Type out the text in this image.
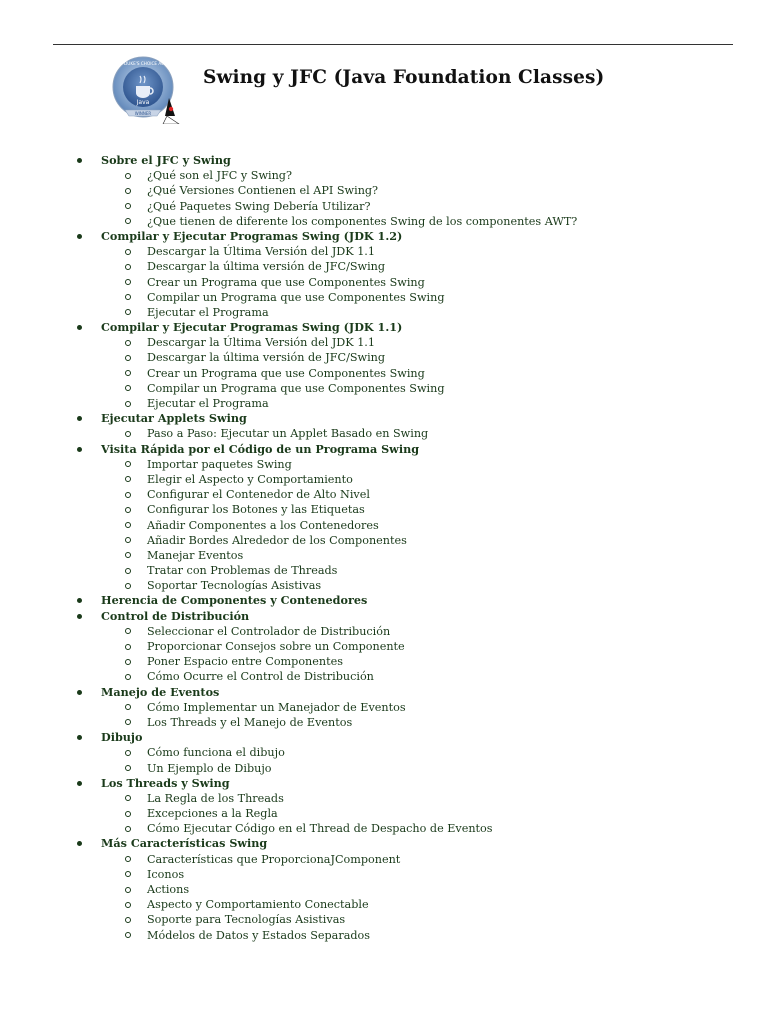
Java
2004 DUKE'S CHOICE AWARD
WINNER
Swing y JFC (Java Foundation Classes)
Sobre el JFC y Swing
¿Qué son el JFC y Swing?
¿Qué Versiones Contienen el API Swing?
¿Qué Paquetes Swing Debería Utilizar?
¿Que tienen de diferente los componentes Swing de los componentes AWT?
Compilar y Ejecutar Programas Swing (JDK 1.2)
Descargar la Última Versión del JDK 1.1
Descargar la última versión de JFC/Swing
Crear un Programa que use Componentes Swing
Compilar un Programa que use Componentes Swing
Ejecutar el Programa
Compilar y Ejecutar Programas Swing (JDK 1.1)
Descargar la Última Versión del JDK 1.1
Descargar la última versión de JFC/Swing
Crear un Programa que use Componentes Swing
Compilar un Programa que use Componentes Swing
Ejecutar el Programa
Ejecutar Applets Swing
Paso a Paso: Ejecutar un Applet Basado en Swing
Visita Rápida por el Código de un Programa Swing
Importar paquetes Swing
Elegir el Aspecto y Comportamiento
Configurar el Contenedor de Alto Nivel
Configurar los Botones y las Etiquetas
Añadir Componentes a los Contenedores
Añadir Bordes Alrededor de los Componentes
Manejar Eventos
Tratar con Problemas de Threads
Soportar Tecnologías Asistivas
Herencia de Componentes y Contenedores
Control de Distribución
Seleccionar el Controlador de Distribución
Proporcionar Consejos sobre un Componente
Poner Espacio entre Componentes
Cómo Ocurre el Control de Distribución
Manejo de Eventos
Cómo Implementar un Manejador de Eventos
Los Threads y el Manejo de Eventos
Dibujo
Cómo funciona el dibujo
Un Ejemplo de Dibujo
Los Threads y Swing
La Regla de los Threads
Excepciones a la Regla
Cómo Ejecutar Código en el Thread de Despacho de Eventos
Más Características Swing
Características que ProporcionaJComponent
Iconos
Actions
Aspecto y Comportamiento Conectable
Soporte para Tecnologías Asistivas
Módelos de Datos y Estados Separados
